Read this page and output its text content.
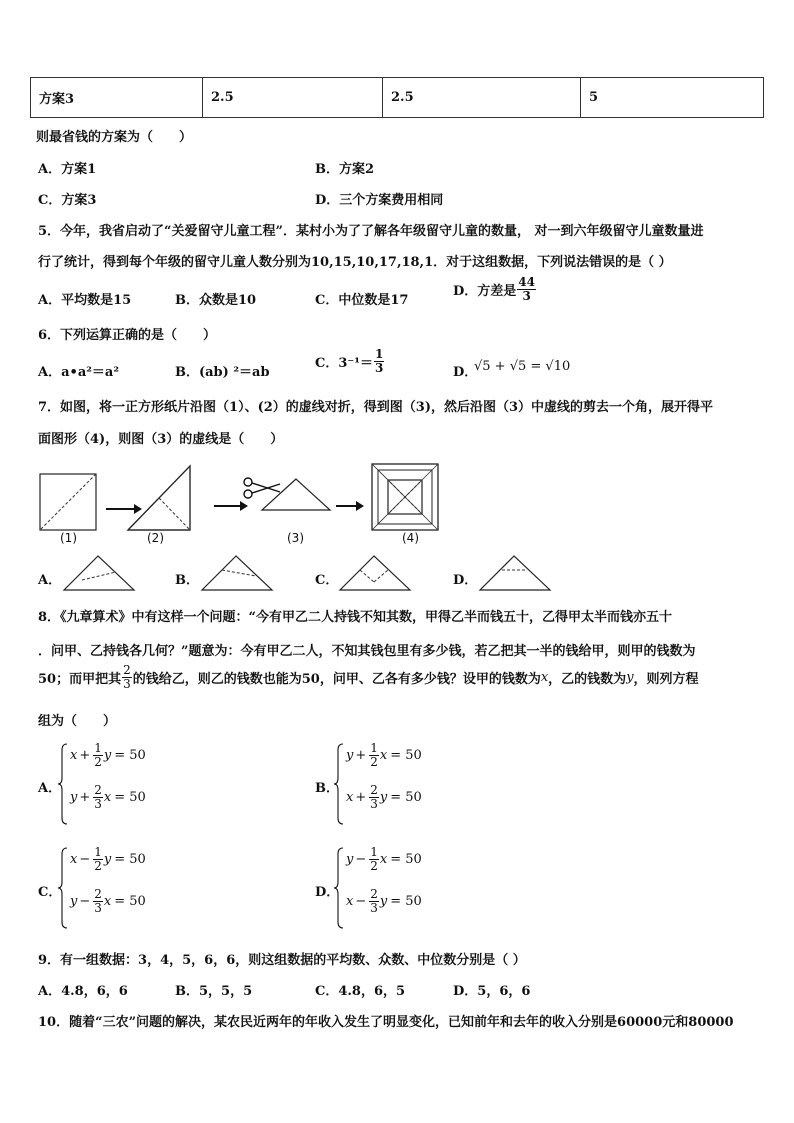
方案3	2.5	2.5	5
则最省钱的方案为（　　）
A．方案1	B．方案2
C．方案3	D．三个方案费用相同
5．今年，我省启动了“关爱留守儿童工程”．某村小为了了解各年级留守儿童的数量， 对一到六年级留守儿童数量进
行了统计，得到每个年级的留守儿童人数分别为10,15,10,17,18,1．对于这组数据，下列说法错误的是（ ）
A．平均数是15	B．众数是10	C．中位数是17
D．方差是 $\frac{44}{3}$
6．下列运算正确的是（　　）
A．a•a²＝a²	B．(ab) ²＝ab
C．$3^{-1}= \frac{1}{3}$	D．
√5 + √5 = √10
7．如图，将一正方形纸片沿图（1）、(2）的虚线对折，得到图（3)，然后沿图（3）中虚线的剪去一个角，展开得平
面图形（4)，则图（3）的虚线是（　　）
(1)	(2)	(3)	(4)
A．	B．	C．	D．
8．《九章算术》中有这样一个问题：“今有甲乙二人持钱不知其数，甲得乙半而钱五十，乙得甲太半而钱亦五十
．问甲、乙持钱各几何？”题意为：今有甲乙二人，不知其钱包里有多少钱，若乙把其一半的钱给甲，则甲的钱数为
50；而甲把其 $\frac{2}{3}$ 的钱给乙，则乙的钱数也能为50，问甲、乙各有多少钱？设甲的钱数为 x ，乙的钱数为 y ，则列方程
组为（　　）
A．	B．
C．	D．
$x + \frac{1}{2}$ y = 50
$y + \frac{2}{3}$ x = 50
$y + \frac{1}{2}$ x = 50
$x + \frac{2}{3}$ y = 50
$x - \frac{1}{2}$ y = 50
$y - \frac{2}{3}$ x = 50
$y - \frac{1}{2}$ x = 50
$x - \frac{2}{3}$ y = 50
9．有一组数据：3，4，5，6，6，则这组数据的平均数、众数、中位数分别是（ ）
A．4.8，6，6	B．5，5，5	C．4.8，6，5	D．5，6，6
10．随着“三农”问题的解决，某农民近两年的年收入发生了明显变化，已知前年和去年的收入分别是60000元和80000
